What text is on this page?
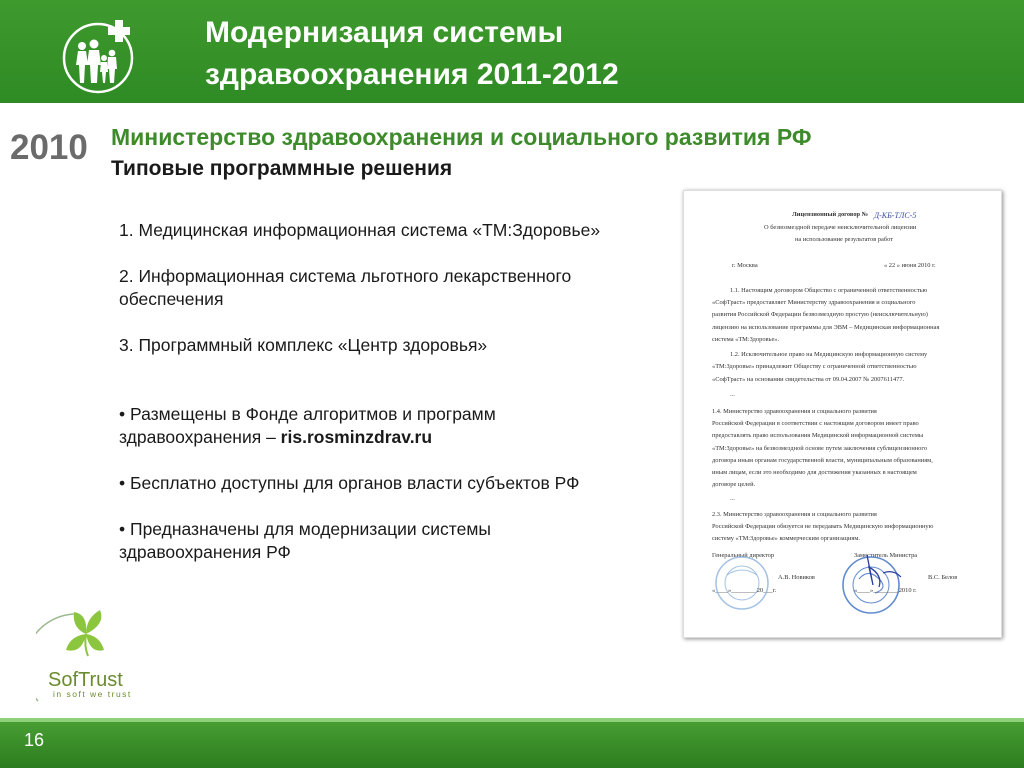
Модернизация системы
здравоохранения 2011-2012
2010 Министерство здравоохранения и социального развития РФ
Типовые программные решения

1. Медицинская информационная система «ТМ:Здоровье»

2. Информационная система льготного лекарственного обеспечения

3. Программный комплекс «Центр здоровья»

• Размещены в Фонде алгоритмов и программ здравоохранения – ris.rosminzdrav.ru

• Бесплатно доступны для органов власти субъектов РФ

• Предназначены для модернизации системы здравоохранения РФ

Лицензионный договор № Д-КБ-ТЛС-5
О безвозмездной передаче неисключительной лицензии
на использование результатов работ
г. Москва	« 22 » июня 2010 г.
1.1. Настоящим договором Общество с ограниченной ответственностью
«СофТраст» предоставляет Министерству здравоохранения и социального
развития Российской Федерации безвозмездную простую (неисключительную)
лицензию на использование программы для ЭВМ – Медицинская информационная
система «ТМ:Здоровье».
1.2. Исключительное право на Медицинскую информационную систему
«ТМ:Здоровье» принадлежит Обществу с ограниченной ответственностью
«СофТраст» на основании свидетельства от 09.04.2007 № 2007611477.
...
1.4. Министерство здравоохранения и социального развития
Российской Федерации в соответствии с настоящим договором имеет право
предоставлять право использования Медицинской информационной системы
«ТМ:Здоровье» на безвозмездной основе путем заключения сублицензионного
договора иным органам государственной власти, муниципальным образованиям,
иным лицам, если это необходимо для достижения указанных в настоящем
договоре целей.
...
2.3. Министерство здравоохранения и социального развития
Российской Федерации обязуется не передавать Медицинскую информационную
систему «ТМ:Здоровье» коммерческим организациям.
Генеральный директор
А.В. Новиков
«____»________20___г.
Заместитель Министра
В.С. Белов
«____»________2010 г.
SofTrust
in soft we trust
16
